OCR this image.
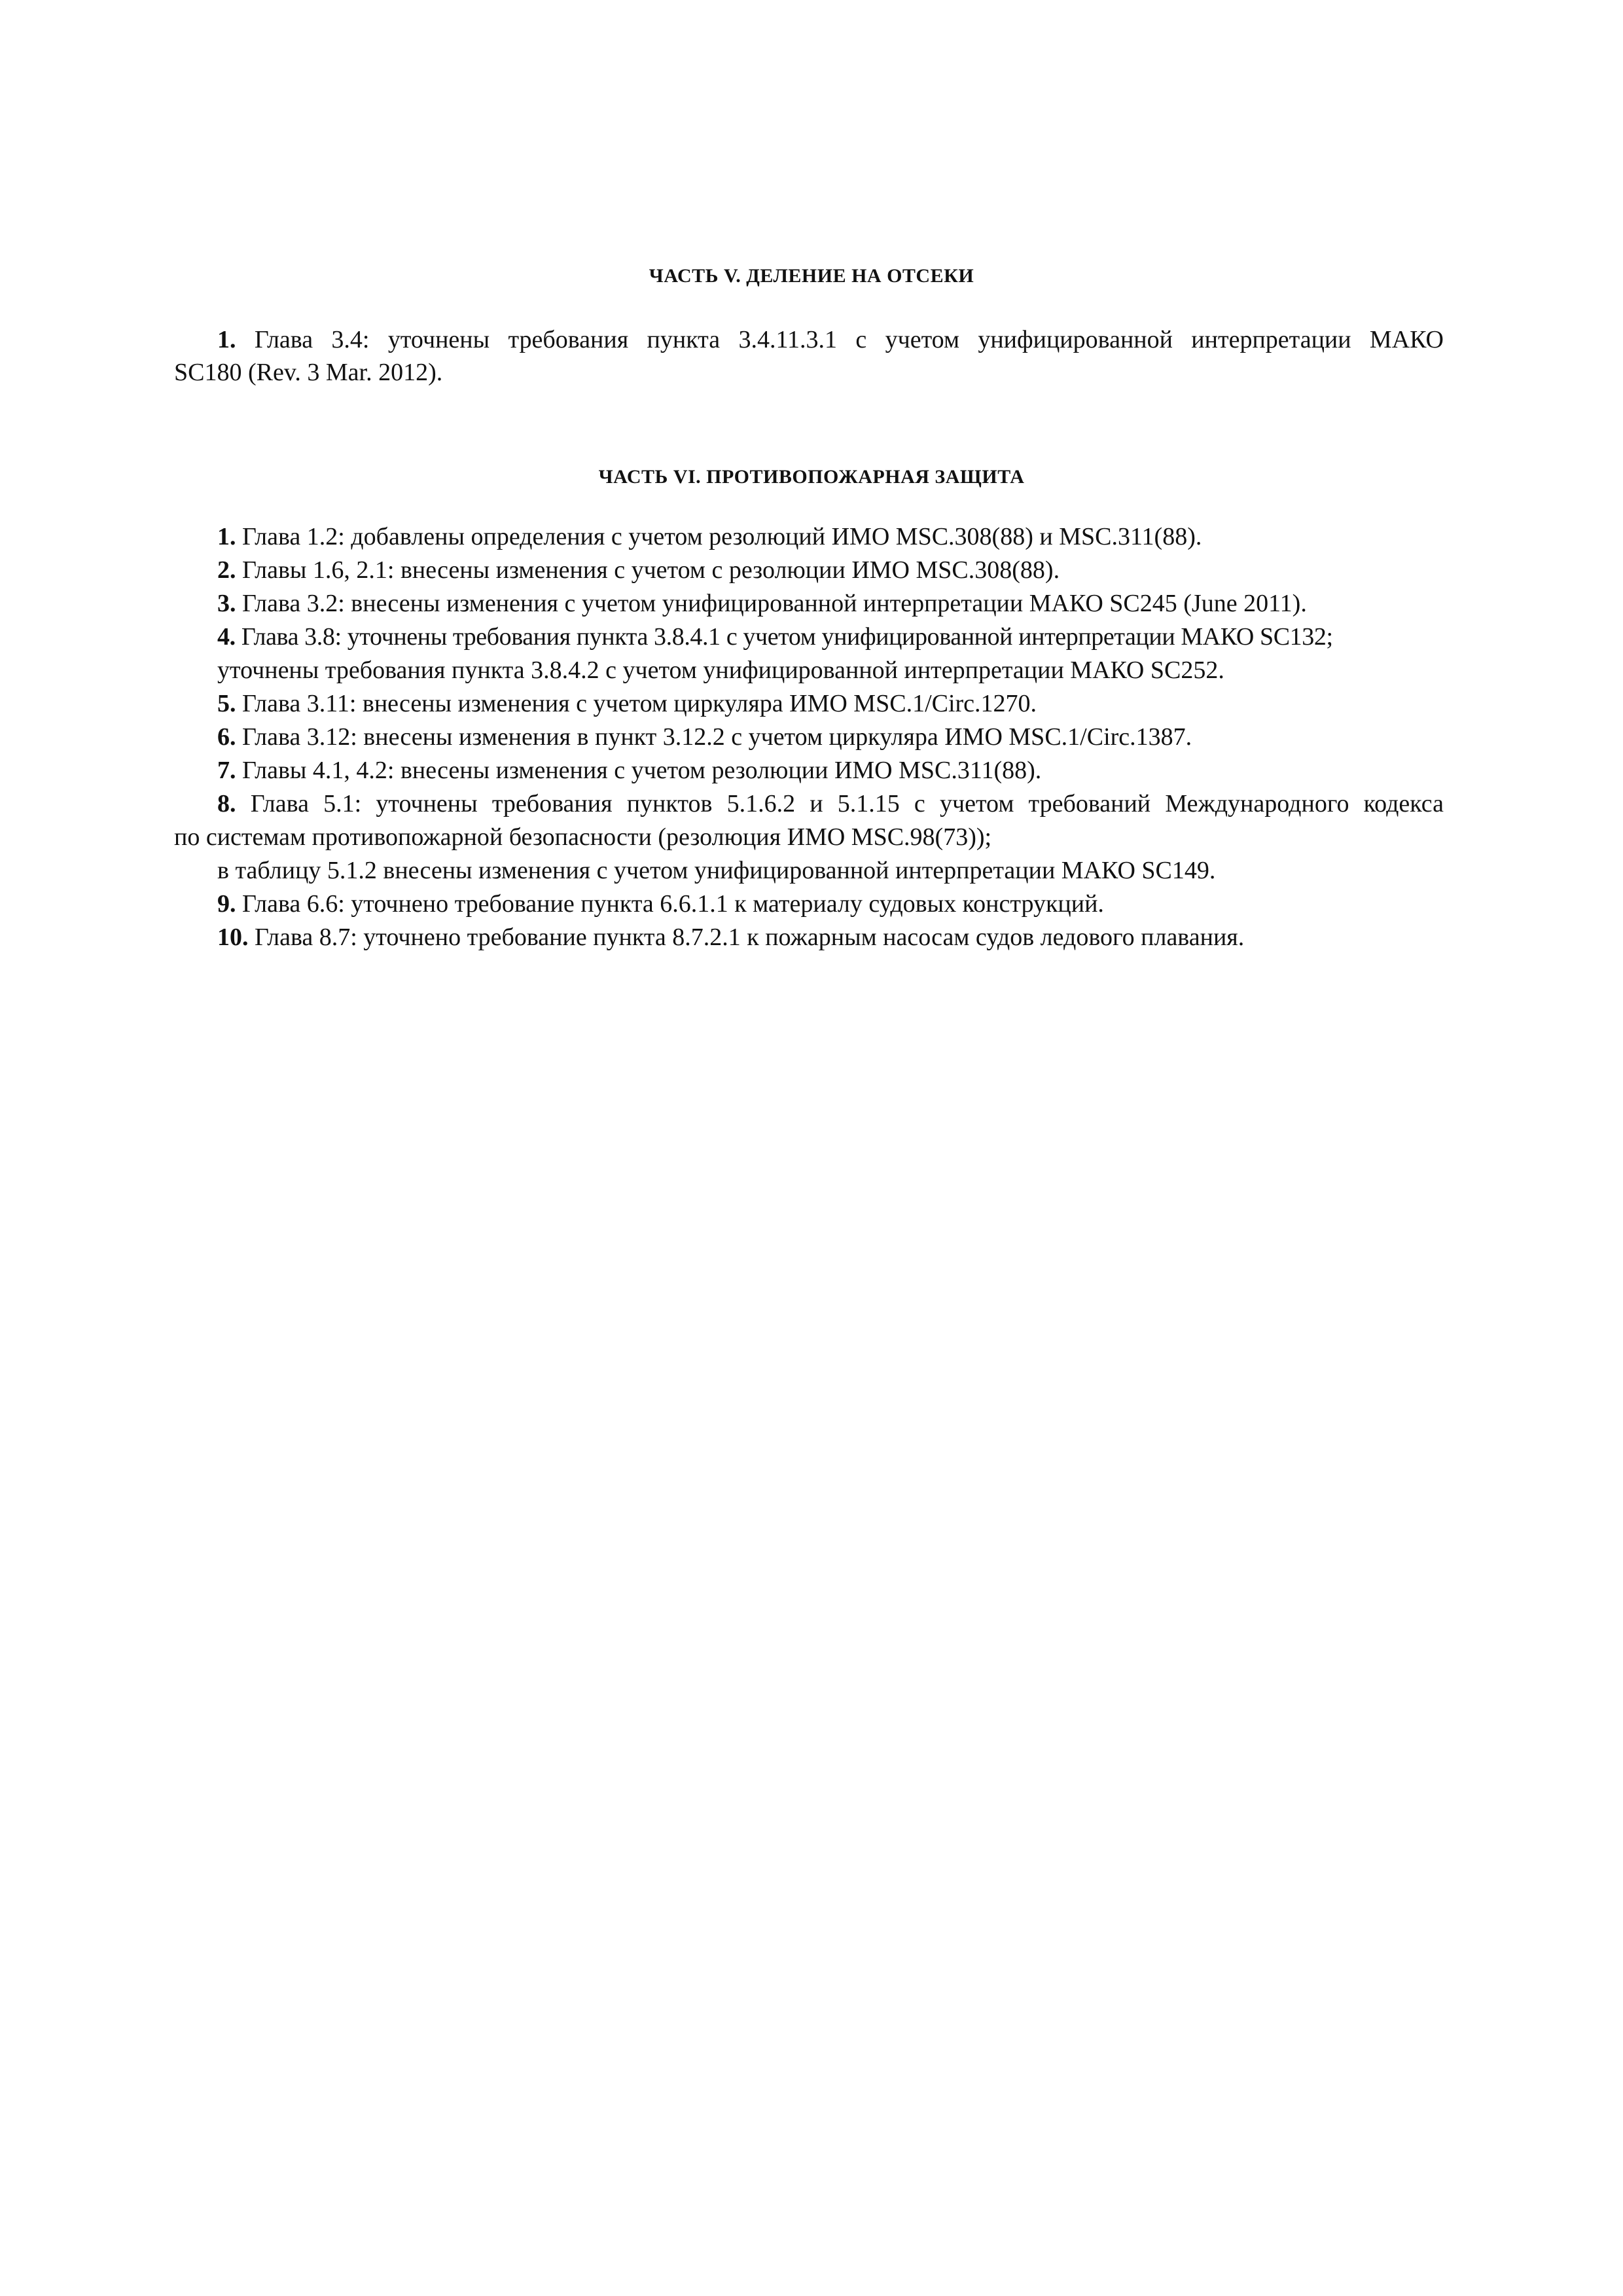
ЧАСТЬ V. ДЕЛЕНИЕ НА ОТСЕКИ
1. Глава 3.4: уточнены требования пункта 3.4.11.3.1 с учетом унифицированной интерпретации МАКО
SC180 (Rev. 3 Mar. 2012).
ЧАСТЬ VI. ПРОТИВОПОЖАРНАЯ ЗАЩИТА
1. Глава 1.2: добавлены определения с учетом резолюций ИМО MSC.308(88) и MSC.311(88).
2. Главы 1.6, 2.1: внесены изменения с учетом с резолюции ИМО MSC.308(88).
3. Глава 3.2: внесены изменения с учетом унифицированной интерпретации МАКО SC245 (June 2011).
4. Глава 3.8: уточнены требования пункта 3.8.4.1 с учетом унифицированной интерпретации МАКО SC132;
уточнены требования пункта 3.8.4.2 с учетом унифицированной интерпретации МАКО SC252.
5. Глава 3.11: внесены изменения с учетом циркуляра ИМО MSC.1/Circ.1270.
6. Глава 3.12: внесены изменения в пункт 3.12.2 с учетом циркуляра ИМО MSC.1/Circ.1387.
7. Главы 4.1, 4.2: внесены изменения с учетом резолюции ИМО MSC.311(88).
8. Глава 5.1: уточнены требования пунктов 5.1.6.2 и 5.1.15 с учетом требований Международного кодекса
по системам противопожарной безопасности (резолюция ИМО MSC.98(73));
в таблицу 5.1.2 внесены изменения с учетом унифицированной интерпретации МАКО SC149.
9. Глава 6.6: уточнено требование пункта 6.6.1.1 к материалу судовых конструкций.
10. Глава 8.7: уточнено требование пункта 8.7.2.1 к пожарным насосам судов ледового плавания.
